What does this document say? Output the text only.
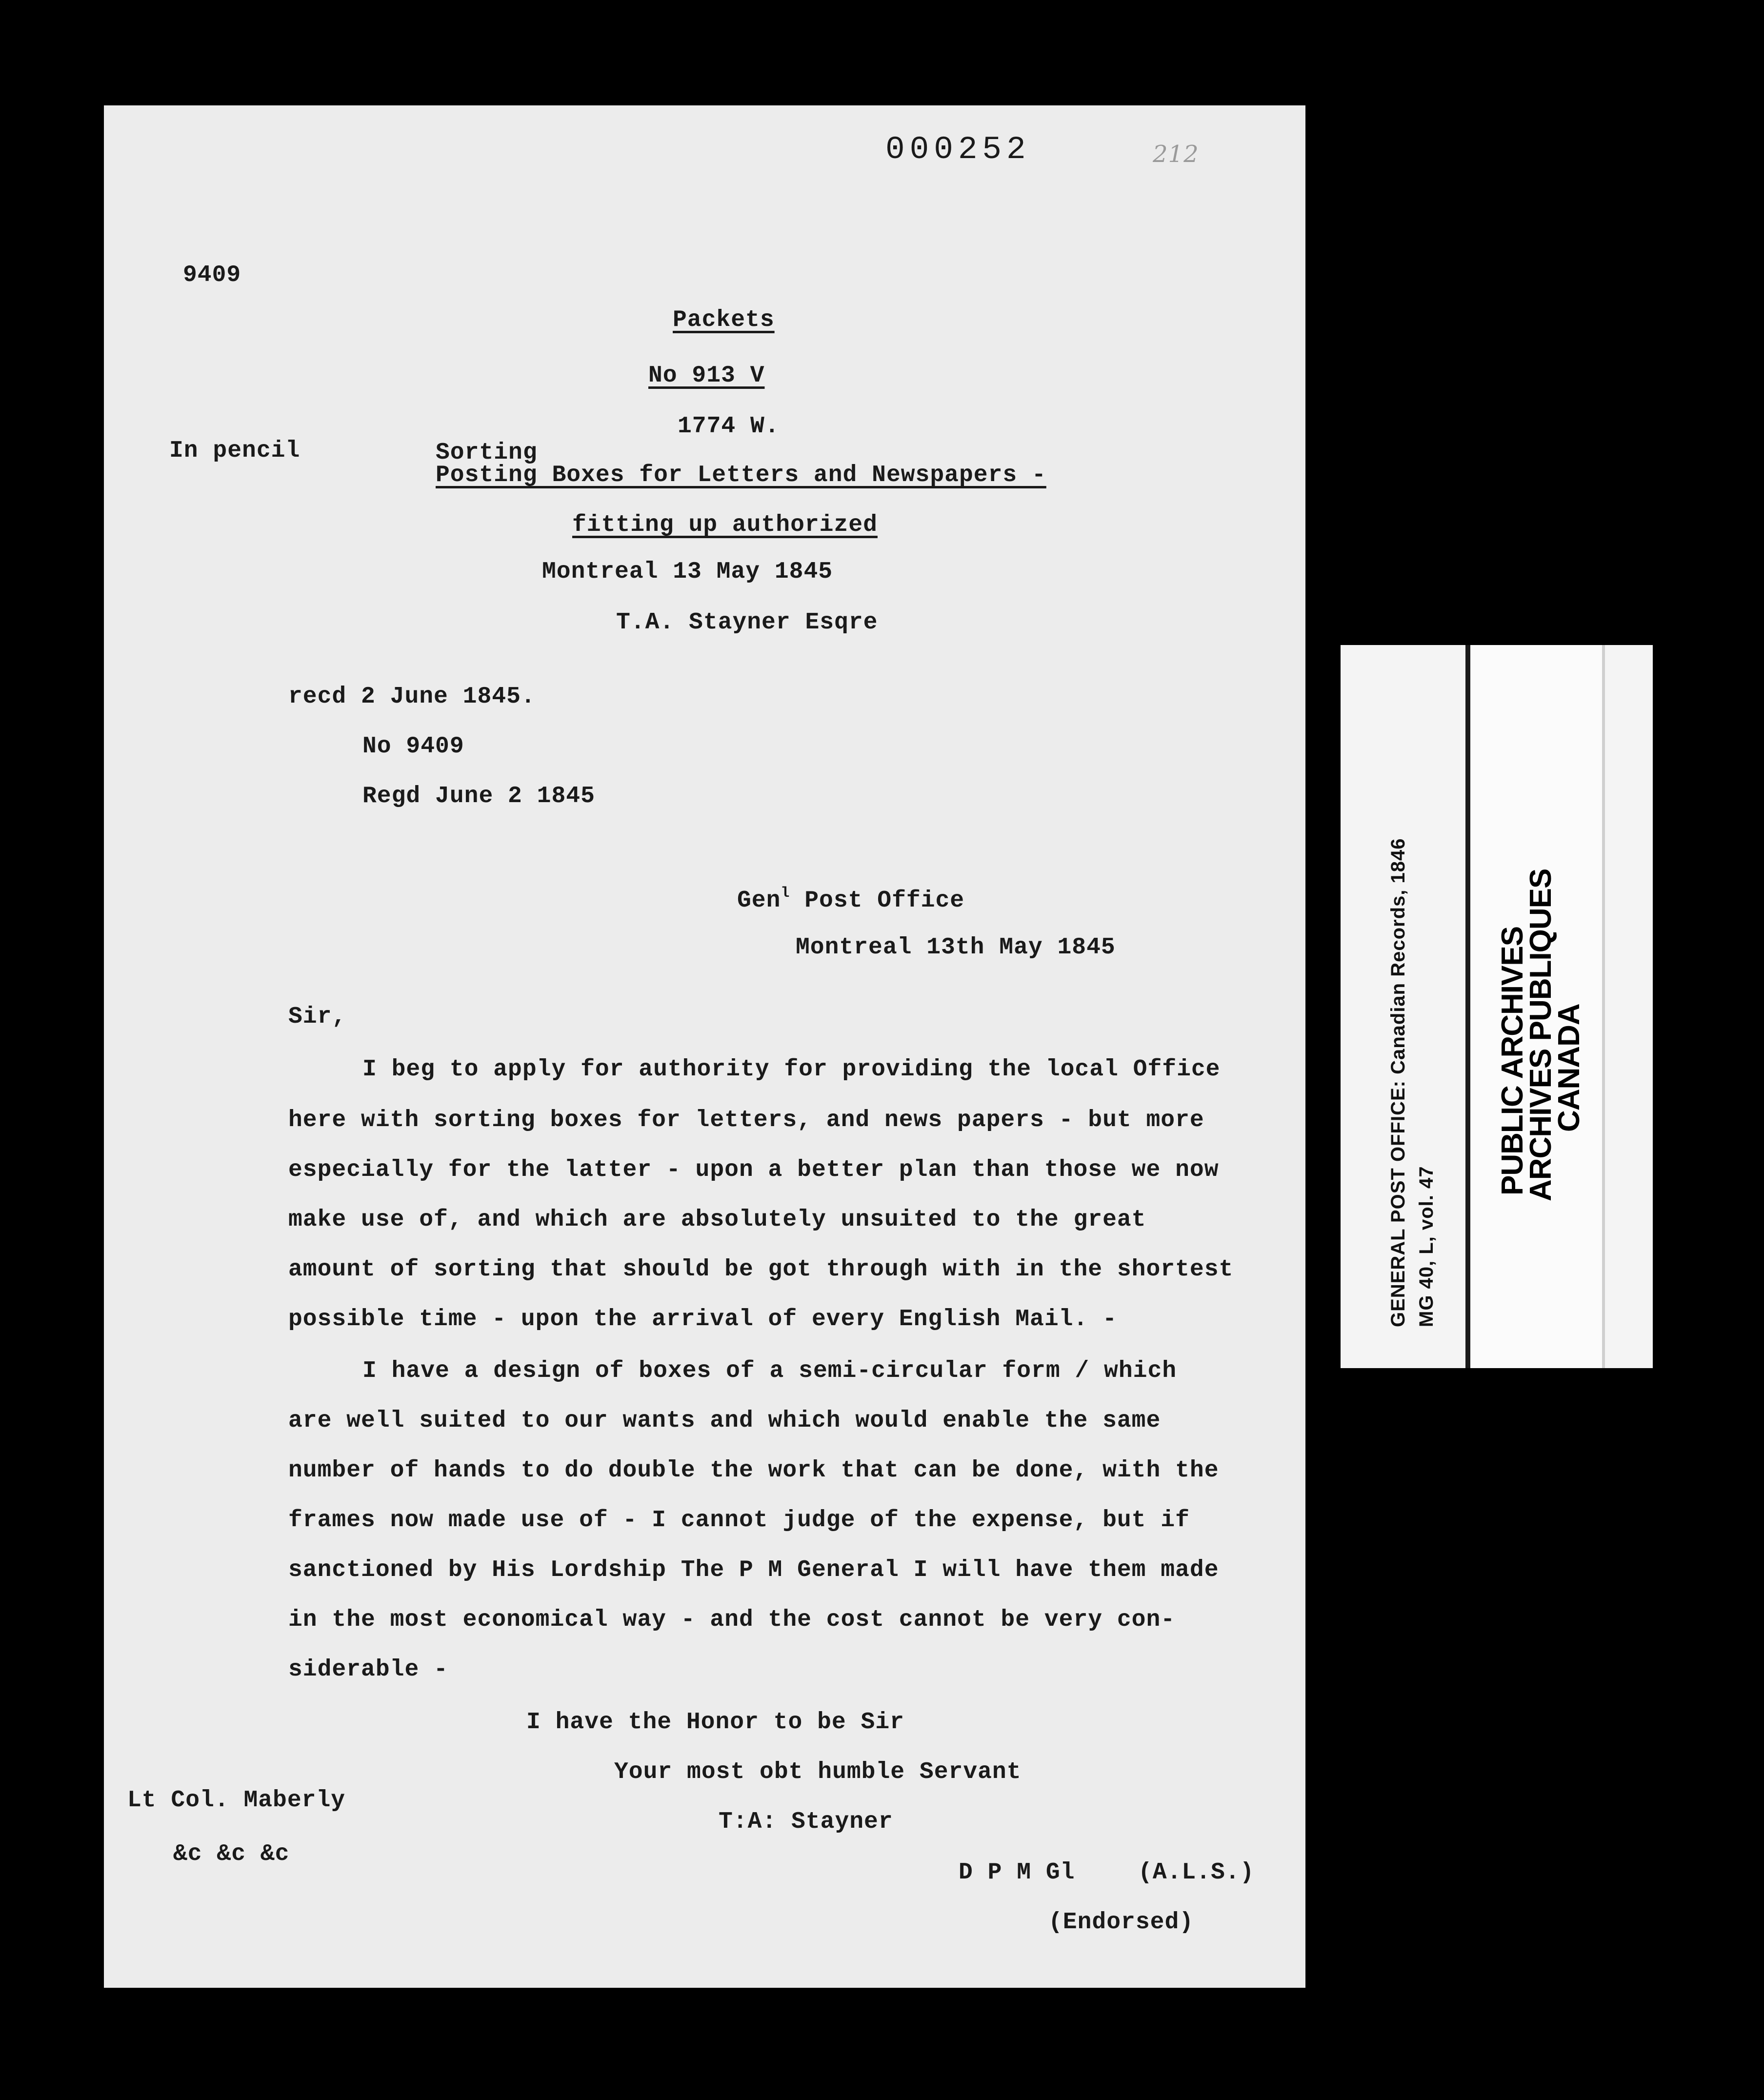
000252	212
9409
Packets
No 913 V
1774 W.
In pencil	Sorting
Posting Boxes for Letters and Newspapers -
fitting up authorized
Montreal 13 May 1845
T.A. Stayner Esqre
recd 2 June 1845.
No 9409
Regd June 2 1845
Gen$^l$ Post Office
Montreal 13th May 1845
Sir,
I beg to apply for authority for providing the local Office
here with sorting boxes for letters, and news papers - but more
especially for the latter - upon a better plan than those we now
make use of, and which are absolutely unsuited to the great
amount of sorting that should be got through with in the shortest
possible time - upon the arrival of every English Mail. -
I have a design of boxes of a semi-circular form / which
are well suited to our wants and which would enable the same
number of hands to do double the work that can be done, with the
frames now made use of - I cannot judge of the expense, but if
sanctioned by His Lordship The P M General I will have them made
in the most economical way - and the cost cannot be very con-
siderable -
I have the Honor to be Sir
Your most obt humble Servant
T:A: Stayner
Lt Col. Maberly
&c &c &c
D P M Gl	(A.L.S.)
(Endorsed)
GENERAL POST OFFICE: Canadian Records, 1846 MG 40, L, vol. 47
PUBLIC ARCHIVES
ARCHIVES PUBLIQUES
CANADA
